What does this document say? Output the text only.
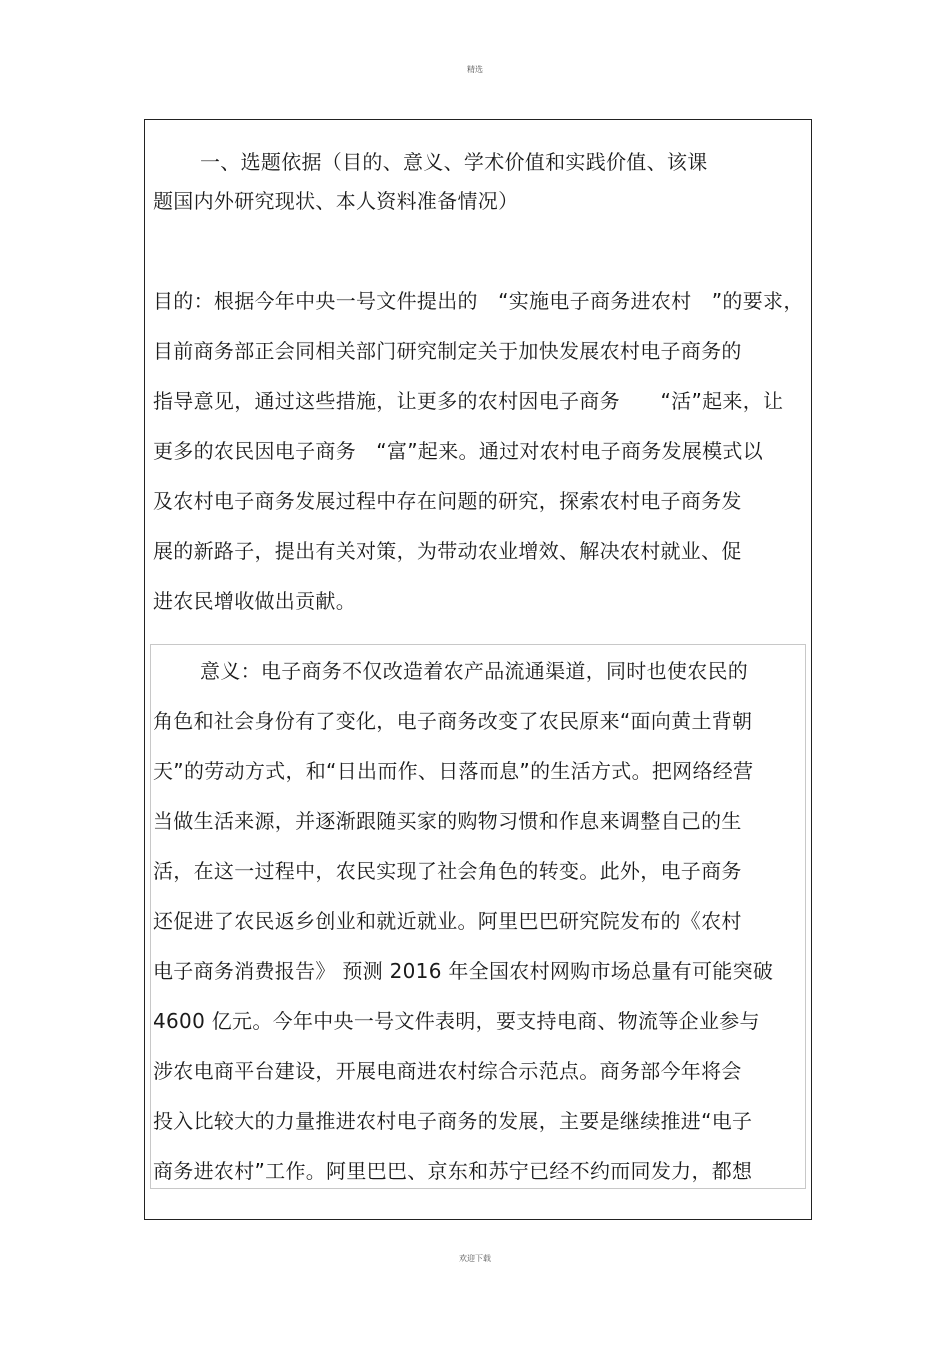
精选
一、选题依据（目的、意义、学术价值和实践价值、该课
题国内外研究现状、本人资料准备情况）
目的：根据今年中央一号文件提出的　“实施电子商务进农村　”的要求，
目前商务部正会同相关部门研究制定关于加快发展农村电子商务的
指导意见，通过这些措施，让更多的农村因电子商务　　“活”起来，让
更多的农民因电子商务　“富”起来。通过对农村电子商务发展模式以
及农村电子商务发展过程中存在问题的研究，探索农村电子商务发
展的新路子，提出有关对策，为带动农业增效、解决农村就业、促
进农民增收做出贡献。
意义：电子商务不仅改造着农产品流通渠道，同时也使农民的
角色和社会身份有了变化，电子商务改变了农民原来“面向黄土背朝
天”的劳动方式，和“日出而作、日落而息”的生活方式。把网络经营
当做生活来源，并逐渐跟随买家的购物习惯和作息来调整自己的生
活，在这一过程中，农民实现了社会角色的转变。此外，电子商务
还促进了农民返乡创业和就近就业。阿里巴巴研究院发布的《农村
电子商务消费报告》 预测 2016 年全国农村网购市场总量有可能突破
4600 亿元。今年中央一号文件表明，要支持电商、物流等企业参与
涉农电商平台建设，开展电商进农村综合示范点。商务部今年将会
投入比较大的力量推进农村电子商务的发展，主要是继续推进“电子
商务进农村”工作。阿里巴巴、京东和苏宁已经不约而同发力，都想
欢迎下载
